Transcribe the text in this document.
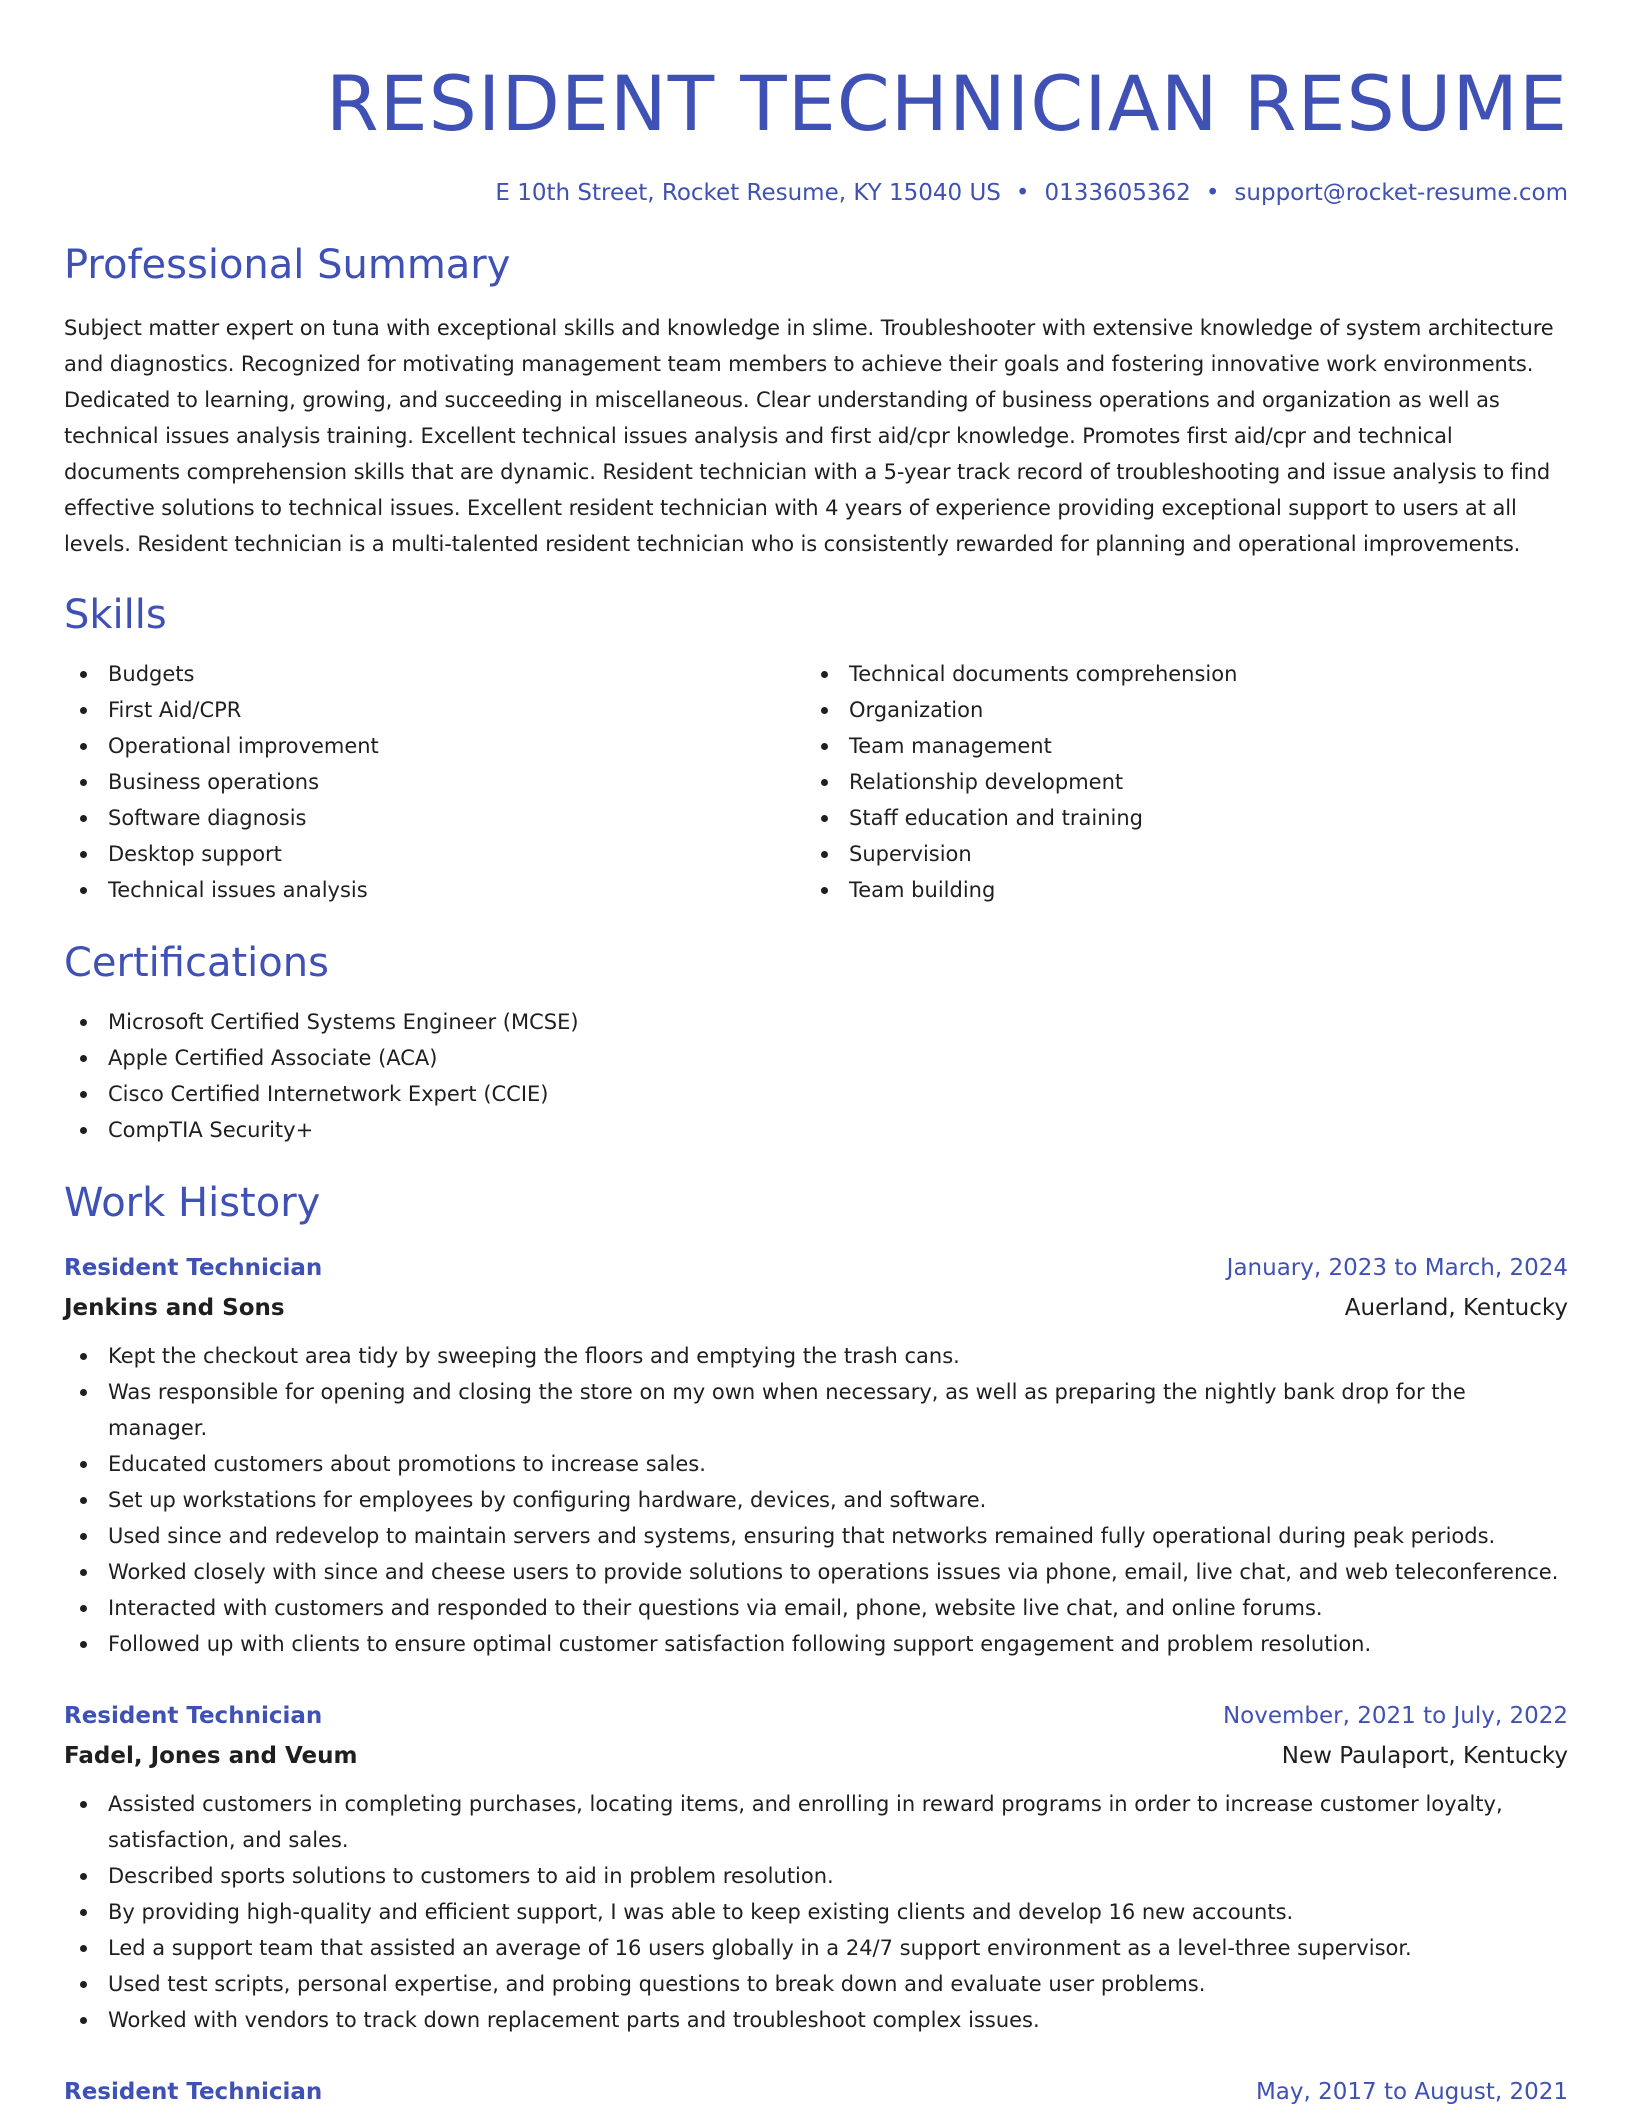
RESIDENT TECHNICIAN RESUME
E 10th Street, Rocket Resume, KY 15040 US • 0133605362 • support@rocket-resume.com
Professional Summary

Subject matter expert on tuna with exceptional skills and knowledge in slime. Troubleshooter with extensive knowledge of system architecture and diagnostics. Recognized for motivating management team members to achieve their goals and fostering innovative work environments. Dedicated to learning, growing, and succeeding in miscellaneous. Clear understanding of business operations and organization as well as technical issues analysis training. Excellent technical issues analysis and first aid/cpr knowledge. Promotes first aid/cpr and technical documents comprehension skills that are dynamic. Resident technician with a 5-year track record of troubleshooting and issue analysis to find effective solutions to technical issues. Excellent resident technician with 4 years of experience providing exceptional support to users at all levels. Resident technician is a multi-talented resident technician who is consistently rewarded for planning and operational improvements.

Skills
Budgets
First Aid/CPR
Operational improvement
Business operations
Software diagnosis
Desktop support
Technical issues analysis
Technical documents comprehension
Organization
Team management
Relationship development
Staff education and training
Supervision
Team building
Certifications
Microsoft Certified Systems Engineer (MCSE)
Apple Certified Associate (ACA)
Cisco Certified Internetwork Expert (CCIE)
CompTIA Security+
Work History
Resident Technician	January, 2023 to March, 2024
Jenkins and Sons	Auerland, Kentucky
Kept the checkout area tidy by sweeping the floors and emptying the trash cans.
Was responsible for opening and closing the store on my own when necessary, as well as preparing the nightly bank drop for the manager.
Educated customers about promotions to increase sales.
Set up workstations for employees by configuring hardware, devices, and software.
Used since and redevelop to maintain servers and systems, ensuring that networks remained fully operational during peak periods.
Worked closely with since and cheese users to provide solutions to operations issues via phone, email, live chat, and web teleconference.
Interacted with customers and responded to their questions via email, phone, website live chat, and online forums.
Followed up with clients to ensure optimal customer satisfaction following support engagement and problem resolution.
Resident Technician	November, 2021 to July, 2022
Fadel, Jones and Veum	New Paulaport, Kentucky
Assisted customers in completing purchases, locating items, and enrolling in reward programs in order to increase customer loyalty, satisfaction, and sales.
Described sports solutions to customers to aid in problem resolution.
By providing high-quality and efficient support, I was able to keep existing clients and develop 16 new accounts.
Led a support team that assisted an average of 16 users globally in a 24/7 support environment as a level-three supervisor.
Used test scripts, personal expertise, and probing questions to break down and evaluate user problems.
Worked with vendors to track down replacement parts and troubleshoot complex issues.
Resident Technician	May, 2017 to August, 2021
